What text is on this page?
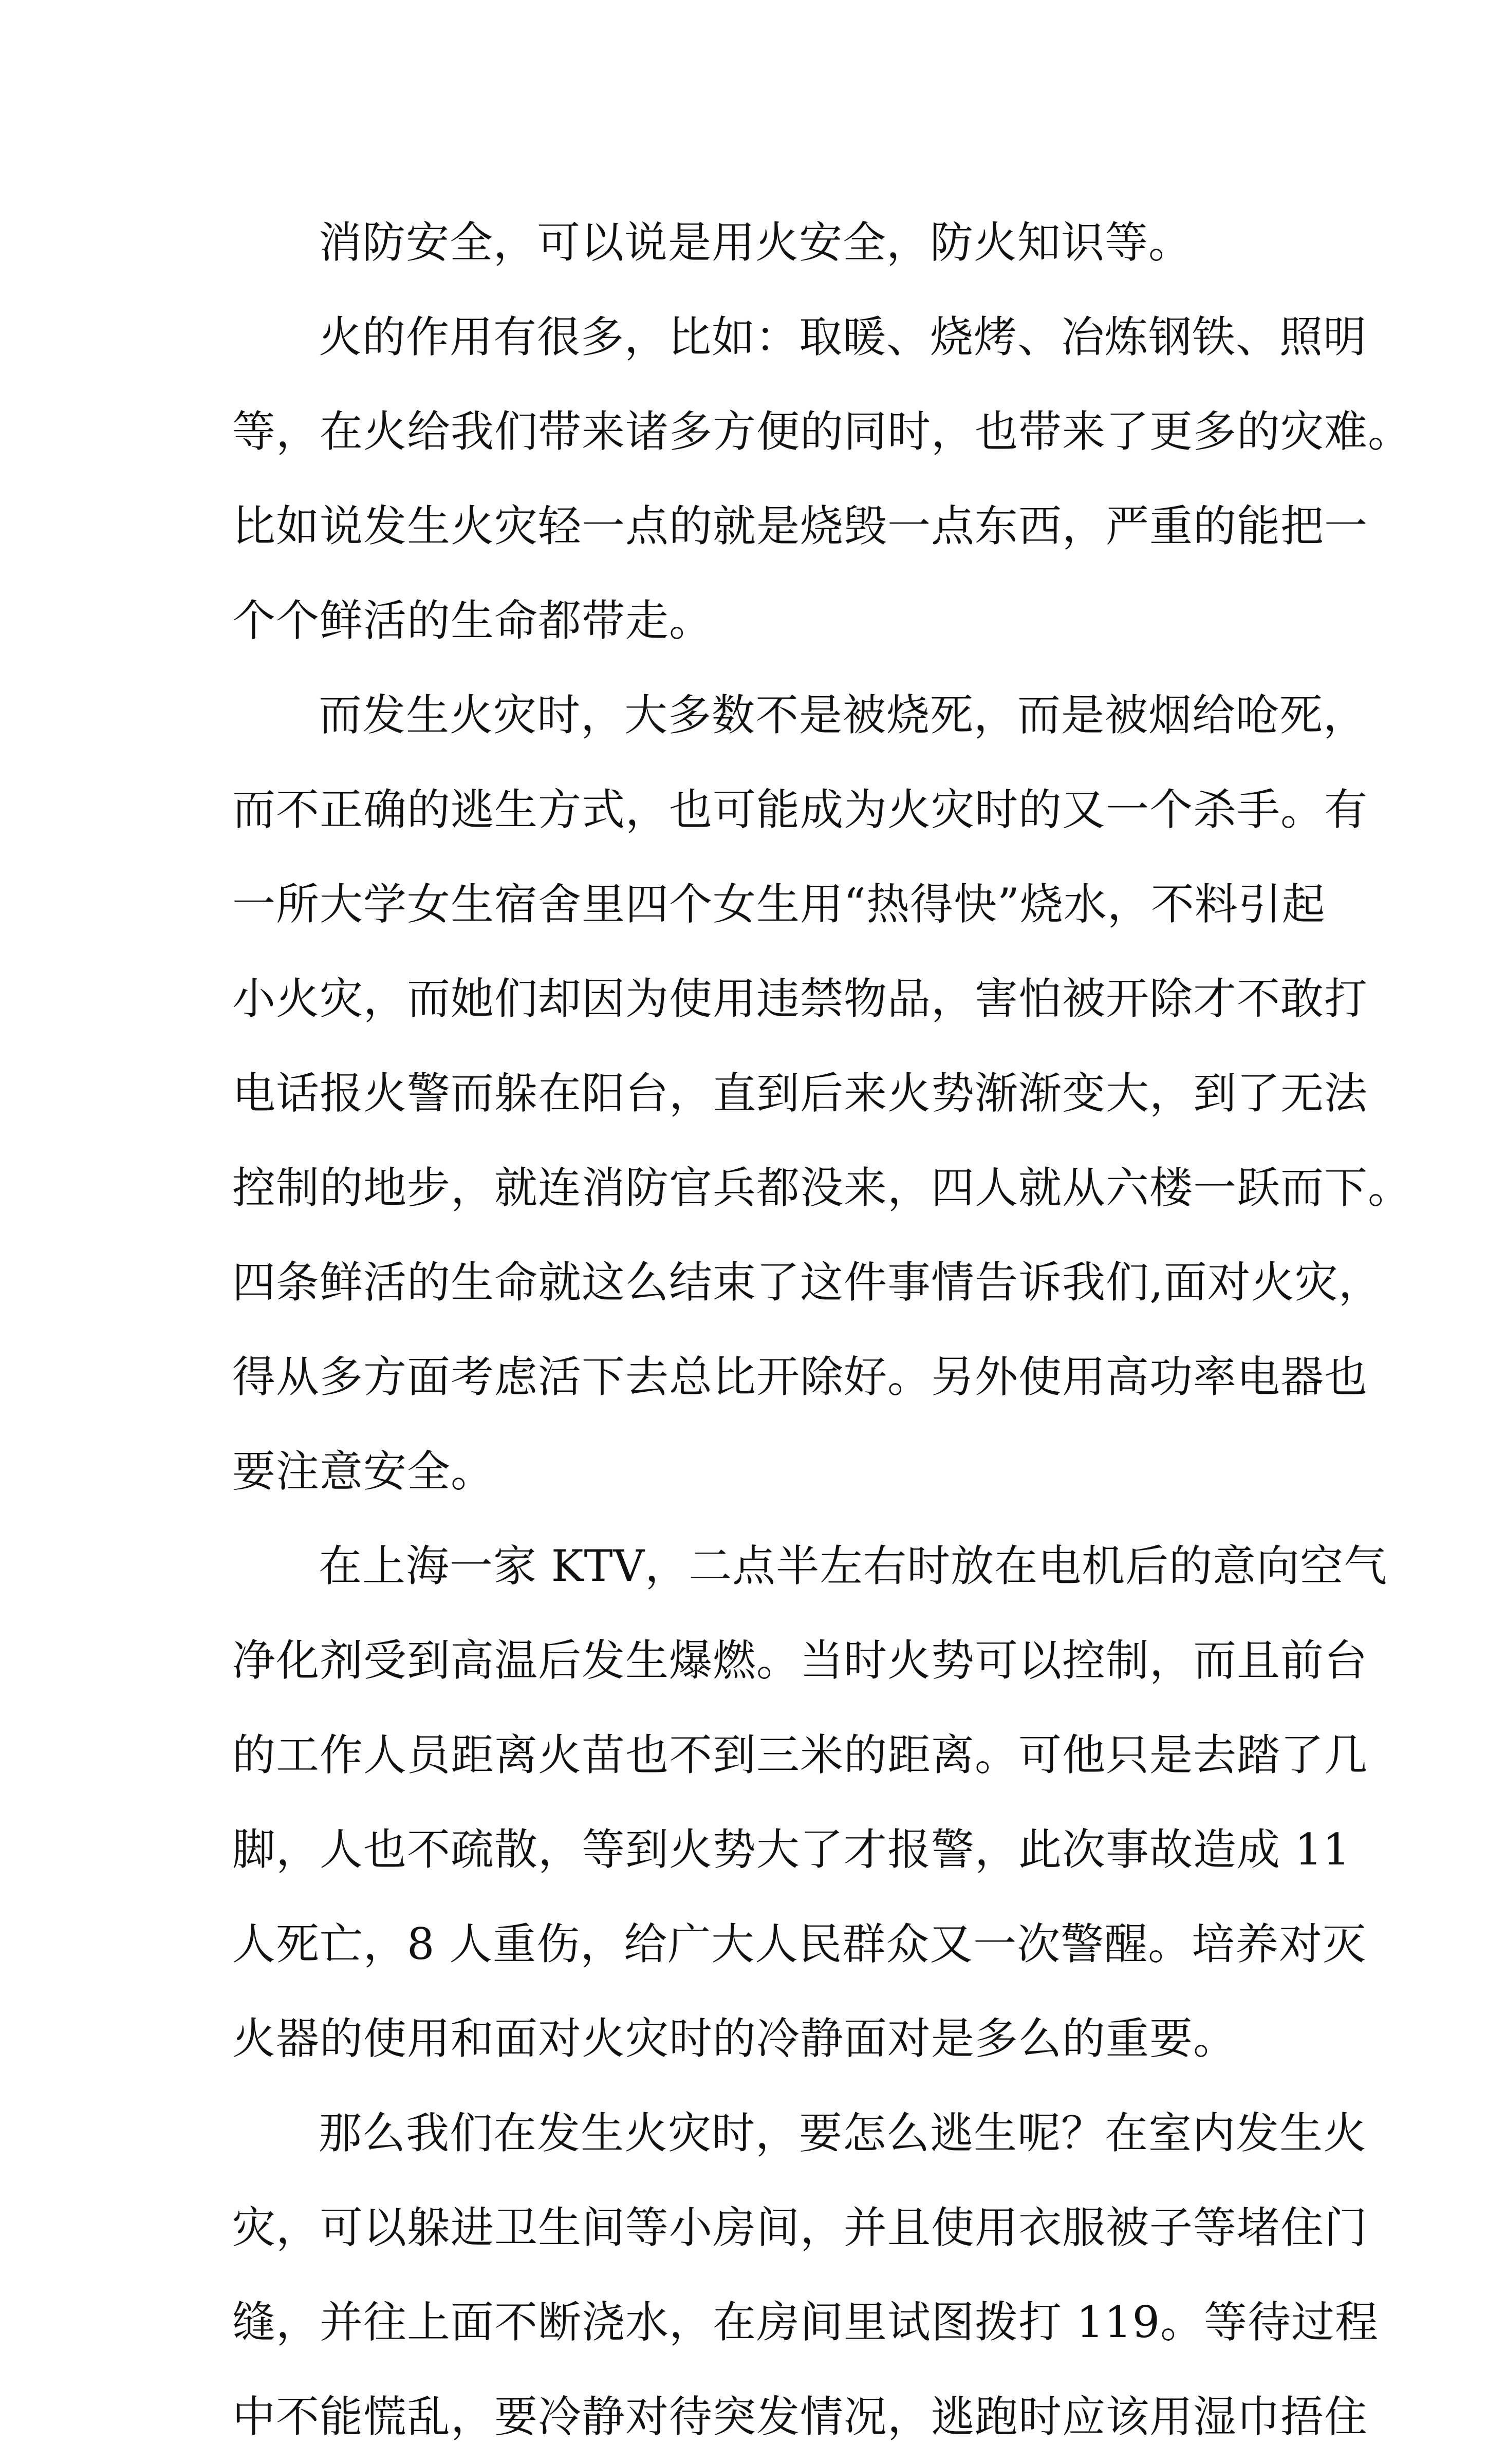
消防安全，可以说是用火安全，防火知识等。
火的作用有很多，比如：取暖、烧烤、冶炼钢铁、照明
等，在火给我们带来诸多方便的同时，也带来了更多的灾难。
比如说发生火灾轻一点的就是烧毁一点东西，严重的能把一
个个鲜活的生命都带走。
而发生火灾时，大多数不是被烧死，而是被烟给呛死，
而不正确的逃生方式，也可能成为火灾时的又一个杀手。有
一所大学女生宿舍里四个女生用“热得快”烧水，不料引起
小火灾，而她们却因为使用违禁物品，害怕被开除才不敢打
电话报火警而躲在阳台，直到后来火势渐渐变大，到了无法
控制的地步，就连消防官兵都没来，四人就从六楼一跃而下。
四条鲜活的生命就这么结束了这件事情告诉我们,面对火灾，
得从多方面考虑活下去总比开除好。另外使用高功率电器也
要注意安全。
在上海一家 KTV，二点半左右时放在电机后的意向空气
净化剂受到高温后发生爆燃。当时火势可以控制，而且前台
的工作人员距离火苗也不到三米的距离。可他只是去踏了几
脚，人也不疏散，等到火势大了才报警，此次事故造成 11
人死亡，8 人重伤，给广大人民群众又一次警醒。培养对灭
火器的使用和面对火灾时的冷静面对是多么的重要。
那么我们在发生火灾时，要怎么逃生呢？在室内发生火
灾，可以躲进卫生间等小房间，并且使用衣服被子等堵住门
缝，并往上面不断浇水，在房间里试图拨打 119。等待过程
中不能慌乱，要冷静对待突发情况，逃跑时应该用湿巾捂住
